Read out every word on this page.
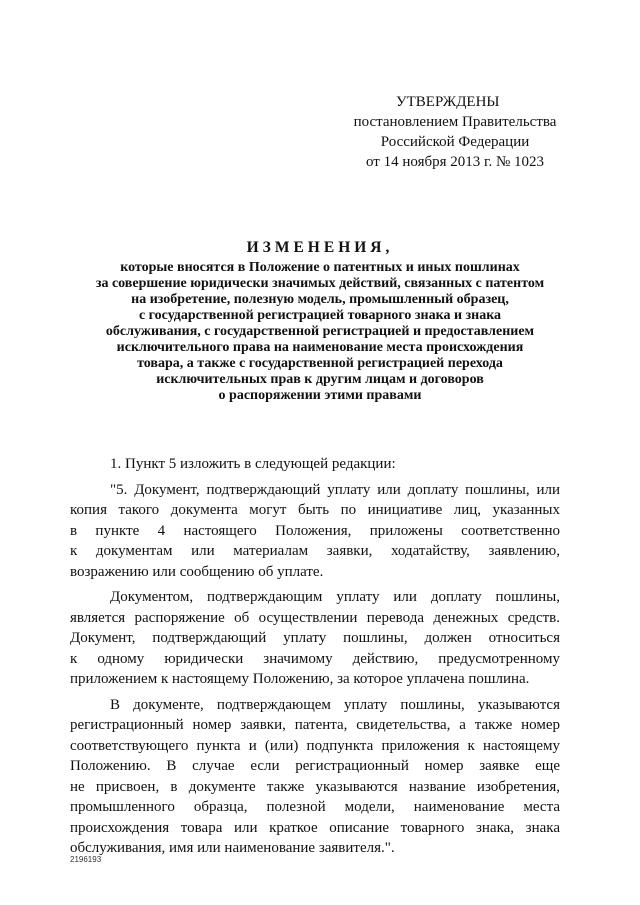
УТВЕРЖДЕНЫ
постановлением Правительства
Российской Федерации
от 14 ноября 2013 г. № 1023
ИЗМЕНЕНИЯ,
которые вносятся в Положение о патентных и иных пошлинах
за совершение юридически значимых действий, связанных с патентом
на изобретение, полезную модель, промышленный образец,
с государственной регистрацией товарного знака и знака
обслуживания, с государственной регистрацией и предоставлением
исключительного права на наименование места происхождения
товара, а также с государственной регистрацией перехода
исключительных прав к другим лицам и договоров
о распоряжении этими правами

1. Пункт 5 изложить в следующей редакции:

"5. Документ, подтверждающий уплату или доплату пошлины, или
копия такого документа могут быть по инициативе лиц, указанных
в пункте 4 настоящего Положения, приложены соответственно
к документам или материалам заявки, ходатайству, заявлению,
возражению или сообщению об уплате.

Документом, подтверждающим уплату или доплату пошлины,
является распоряжение об осуществлении перевода денежных средств.
Документ, подтверждающий уплату пошлины, должен относиться
к одному юридически значимому действию, предусмотренному
приложением к настоящему Положению, за которое уплачена пошлина.

В документе, подтверждающем уплату пошлины, указываются
регистрационный номер заявки, патента, свидетельства, а также номер
соответствующего пункта и (или) подпункта приложения к настоящему
Положению. В случае если регистрационный номер заявке еще
не присвоен, в документе также указываются название изобретения,
промышленного образца, полезной модели, наименование места
происхождения товара или краткое описание товарного знака, знака
обслуживания, имя или наименование заявителя.".

2196193
